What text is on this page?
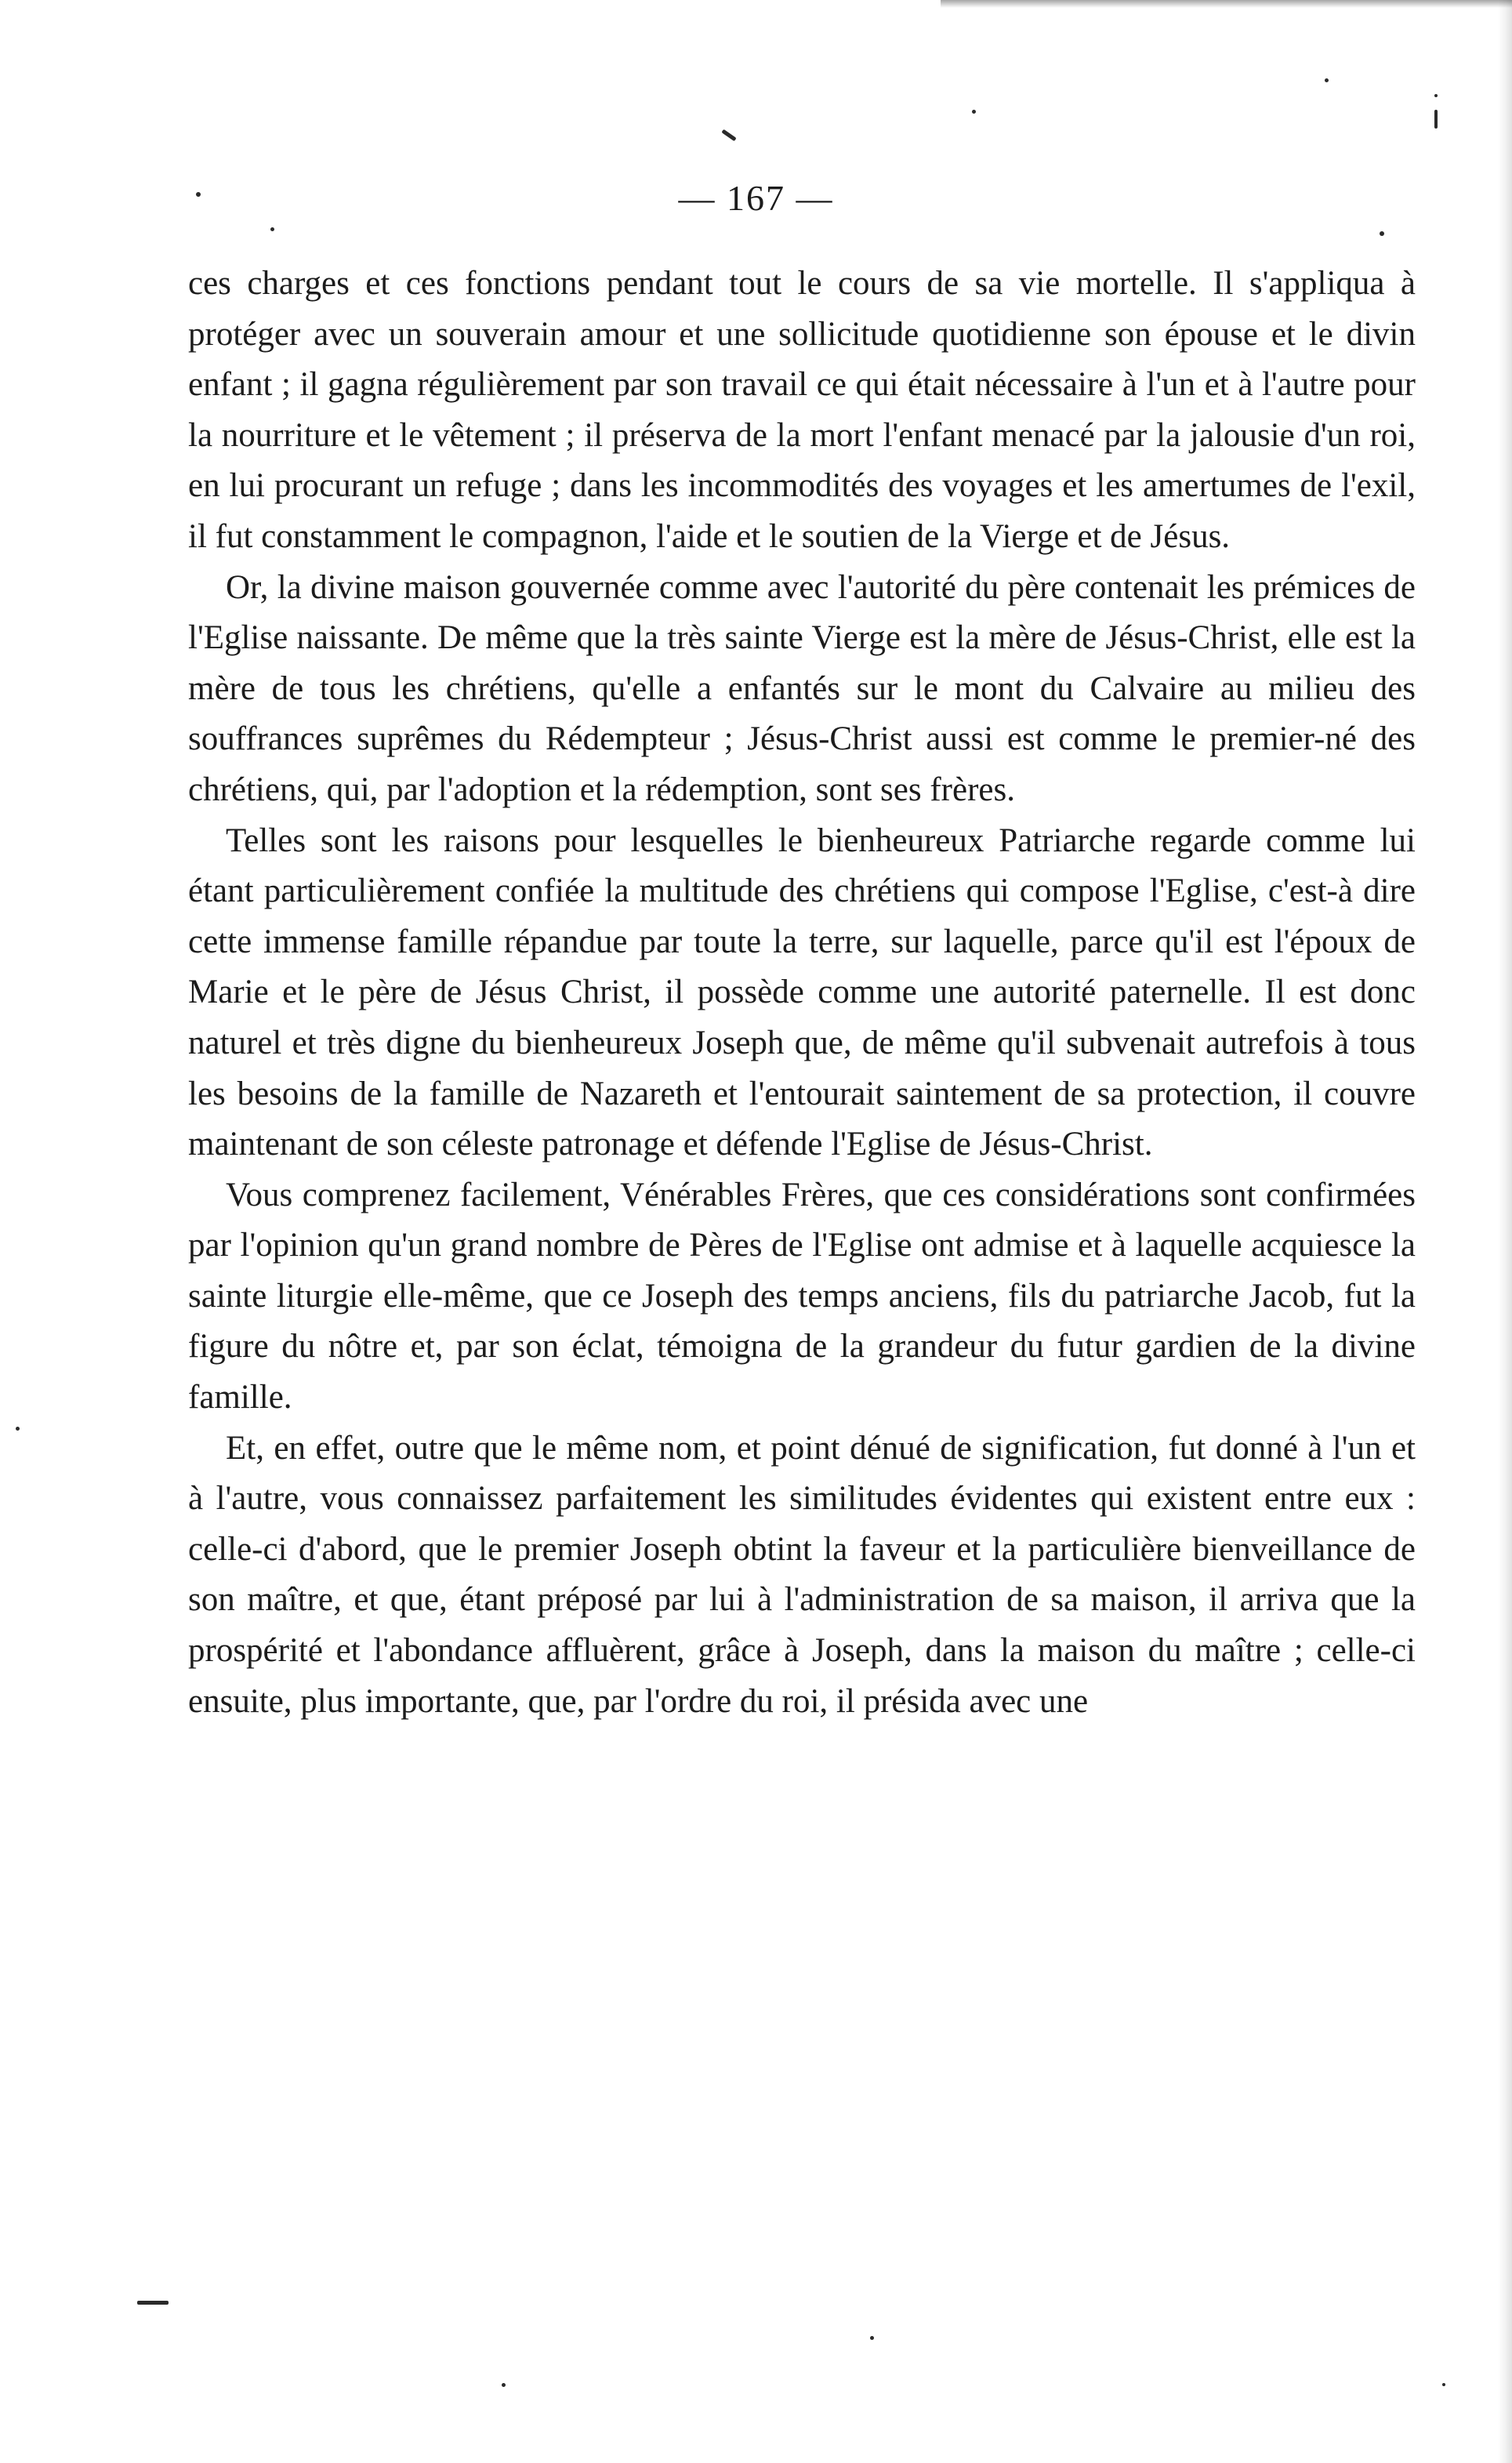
— 167 —

ces charges et ces fonctions pendant tout le cours de sa vie mortelle. Il s'appliqua à protéger avec un souverain amour et une sollicitude quotidienne son épouse et le divin enfant ; il gagna régulièrement par son travail ce qui était nécessaire à l'un et à l'autre pour la nourriture et le vêtement ; il préserva de la mort l'enfant menacé par la jalousie d'un roi, en lui procurant un refuge ; dans les incommodités des voyages et les amertumes de l'exil, il fut constamment le compagnon, l'aide et le soutien de la Vierge et de Jésus.

Or, la divine maison gouvernée comme avec l'autorité du père contenait les prémices de l'Eglise naissante. De même que la très sainte Vierge est la mère de Jésus-Christ, elle est la mère de tous les chrétiens, qu'elle a enfantés sur le mont du Calvaire au milieu des souffrances suprêmes du Rédempteur ; Jésus-Christ aussi est comme le premier-né des chrétiens, qui, par l'adoption et la rédemption, sont ses frères.

Telles sont les raisons pour lesquelles le bienheureux Patriarche regarde comme lui étant particulièrement confiée la multitude des chrétiens qui compose l'Eglise, c'est-à dire cette immense famille répandue par toute la terre, sur laquelle, parce qu'il est l'époux de Marie et le père de Jésus Christ, il possède comme une autorité paternelle. Il est donc naturel et très digne du bienheureux Joseph que, de même qu'il subvenait autrefois à tous les besoins de la famille de Nazareth et l'entourait saintement de sa protection, il couvre maintenant de son céleste patronage et défende l'Eglise de Jésus-Christ.

Vous comprenez facilement, Vénérables Frères, que ces considérations sont confirmées par l'opinion qu'un grand nombre de Pères de l'Eglise ont admise et à laquelle acquiesce la sainte liturgie elle-même, que ce Joseph des temps anciens, fils du patriarche Jacob, fut la figure du nôtre et, par son éclat, témoigna de la grandeur du futur gardien de la divine famille.

Et, en effet, outre que le même nom, et point dénué de signification, fut donné à l'un et à l'autre, vous connaissez parfaitement les similitudes évidentes qui existent entre eux : celle-ci d'abord, que le premier Joseph obtint la faveur et la particulière bienveillance de son maître, et que, étant préposé par lui à l'administration de sa maison, il arriva que la prospérité et l'abondance affluèrent, grâce à Joseph, dans la maison du maître ; celle-ci ensuite, plus importante, que, par l'ordre du roi, il présida avec une
